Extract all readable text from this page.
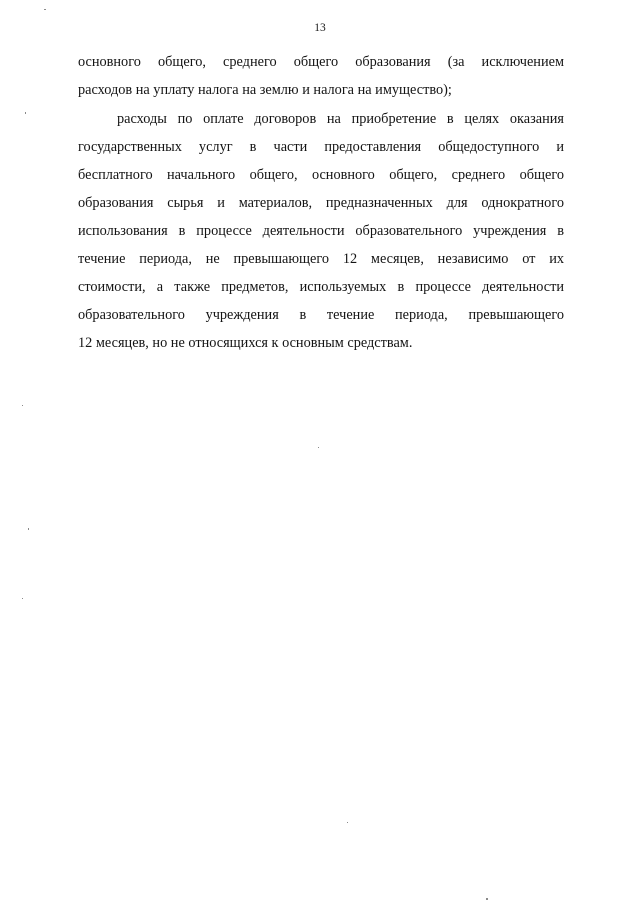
13
основного общего, среднего общего образования (за исключением
расходов на уплату налога на землю и налога на имущество);
расходы по оплате договоров на приобретение в целях оказания
государственных услуг в части предоставления общедоступного и
бесплатного начального общего, основного общего, среднего общего
образования сырья и материалов, предназначенных для однократного
использования в процессе деятельности образовательного учреждения в
течение периода, не превышающего 12 месяцев, независимо от их
стоимости, а также предметов, используемых в процессе деятельности
образовательного учреждения в течение периода, превышающего
12 месяцев, но не относящихся к основным средствам.
